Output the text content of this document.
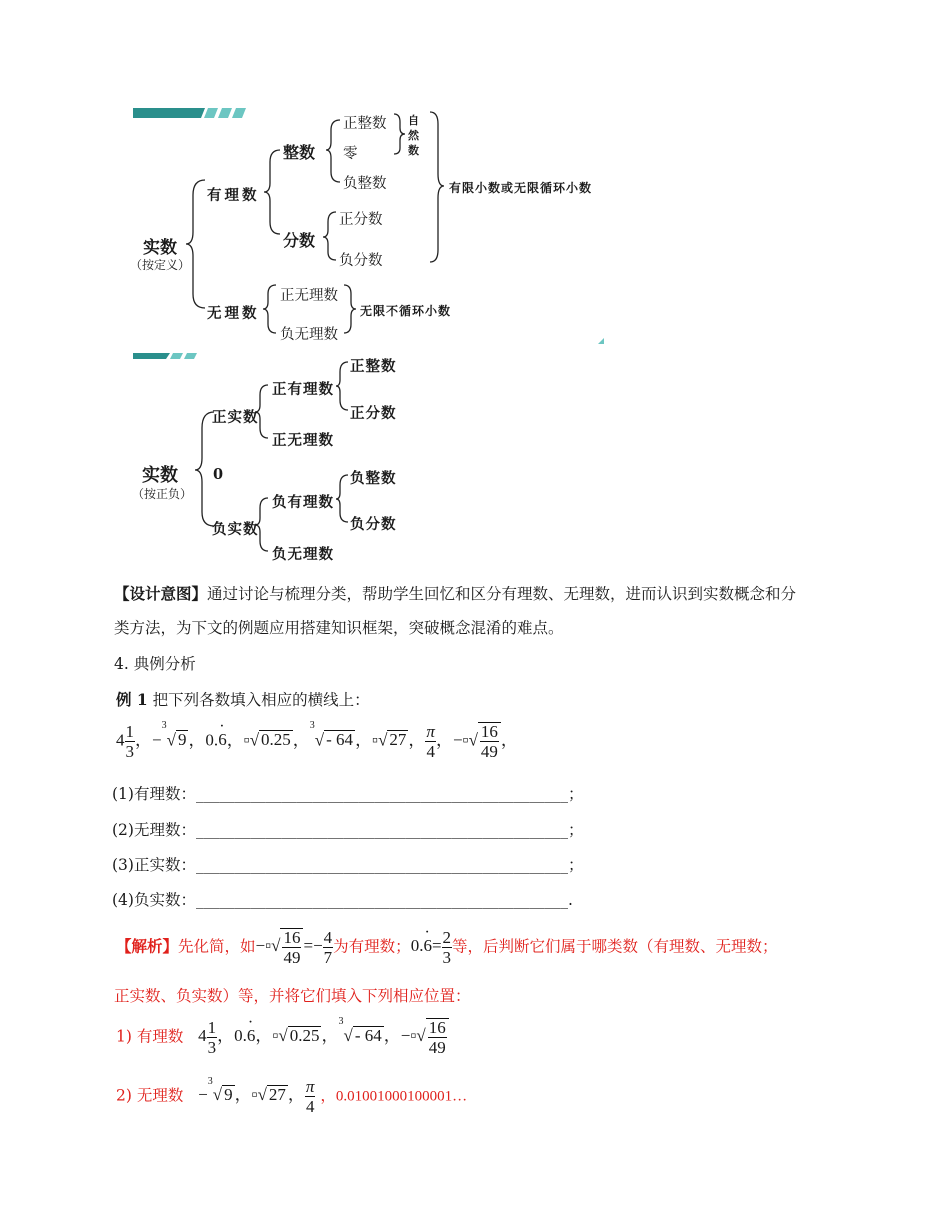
实数
（按定义）
有理数
整数
正整数
零
负整数
自
然
数
分数
正分数
负分数
有限小数或无限循环小数
无理数
正无理数
负无理数
无限不循环小数
实数
（按正负）
正实数
正有理数
正整数
正分数
正无理数
0
负实数
负有理数
负整数
负分数
负无理数
【设计意图】通过讨论与梳理分类，帮助学生回忆和区分有理数、无理数，进而认识到实数概念和分
类方法，为下文的例题应用搭建知识框架，突破概念混淆的难点。
4. 典例分析
例 1 把下列各数填入相应的横线上：
$4 \frac{1}{3}$ ，−$^3$√ 9 ，0.6 ·，▫√ 0.25 ，$^3$√ - 64 ，▫√ 27 ， $\frac{\pi}{4}$ ，−▫√ $\frac{16}{49}$ ，
(1)有理数：________________________________________________；
(2)无理数：________________________________________________；
(3)正实数：________________________________________________；
(4)负实数：________________________________________________.
【解析】先化简，如−▫√ $\frac{16}{49} =- \frac{4}{7}$ 为有理数；$0.6 \cdot= \frac{2}{3}$ 等，后判断它们属于哪类数（有理数、无理数；
正实数、负实数）等，并将它们填入下列相应位置：
1) 有理数 $4 \frac{1}{3}$ ，0.6 ·，▫√ 0.25 ，$^3$√ - 64 ，−▫√ $\frac{16}{49}$
2) 无理数 −$^3$√ 9 ，▫√ 27 ， $\frac{\pi}{4}$ ，0.01001000100001…
